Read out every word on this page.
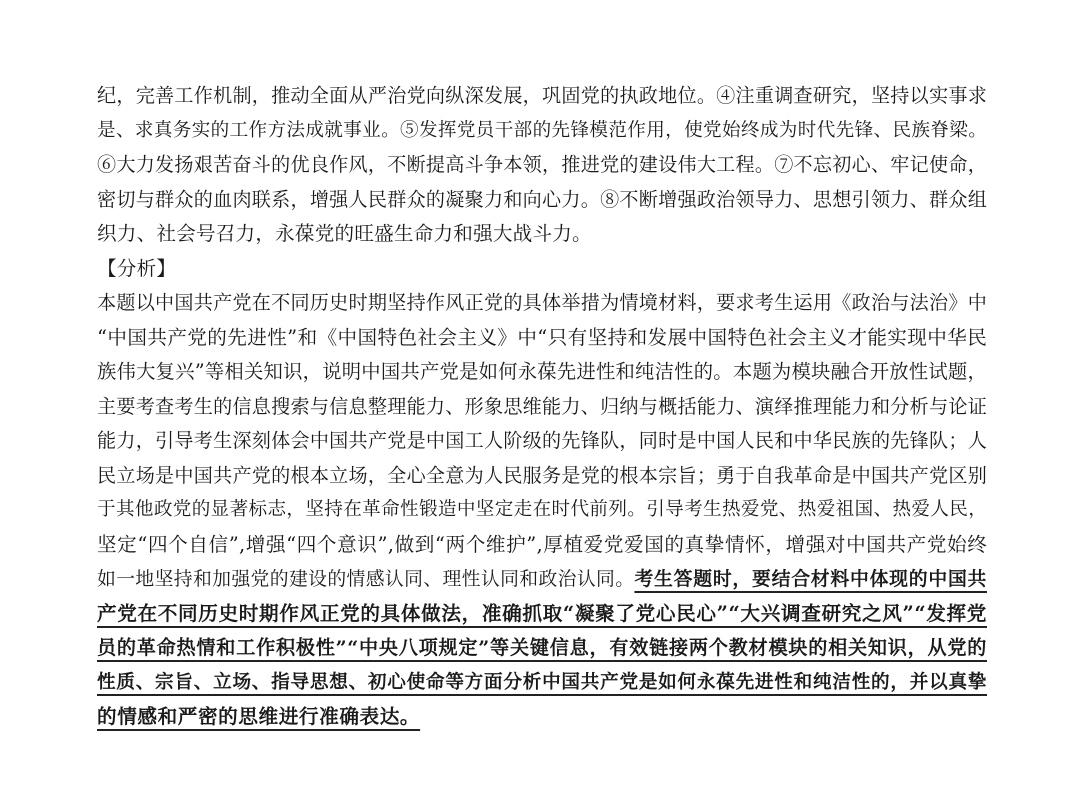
纪，完善工作机制，推动全面从严治党向纵深发展，巩固党的执政地位。④注重调查研究，坚持以实事求
是、求真务实的工作方法成就事业。⑤发挥党员干部的先锋模范作用，使党始终成为时代先锋、民族脊梁。
⑥大力发扬艰苦奋斗的优良作风，不断提高斗争本领，推进党的建设伟大工程。⑦不忘初心、牢记使命，
密切与群众的血肉联系，增强人民群众的凝聚力和向心力。⑧不断增强政治领导力、思想引领力、群众组
织力、社会号召力，永葆党的旺盛生命力和强大战斗力。
【分析】
本题以中国共产党在不同历史时期坚持作风正党的具体举措为情境材料，要求考生运用《政治与法治》中
“中国共产党的先进性”和《中国特色社会主义》中“只有坚持和发展中国特色社会主义才能实现中华民
族伟大复兴”等相关知识，说明中国共产党是如何永葆先进性和纯洁性的。本题为模块融合开放性试题，
主要考查考生的信息搜索与信息整理能力、形象思维能力、归纳与概括能力、演绎推理能力和分析与论证
能力，引导考生深刻体会中国共产党是中国工人阶级的先锋队，同时是中国人民和中华民族的先锋队；人
民立场是中国共产党的根本立场，全心全意为人民服务是党的根本宗旨；勇于自我革命是中国共产党区别
于其他政党的显著标志，坚持在革命性锻造中坚定走在时代前列。引导考生热爱党、热爱祖国、热爱人民，
坚定“四个自信”,增强“四个意识”,做到“两个维护”,厚植爱党爱国的真挚情怀，增强对中国共产党始终
如一地坚持和加强党的建设的情感认同、理性认同和政治认同。考生答题时，要结合材料中体现的中国共
产党在不同历史时期作风正党的具体做法，准确抓取“凝聚了党心民心”“大兴调查研究之风”“发挥党
员的革命热情和工作积极性”“中央八项规定”等关键信息，有效链接两个教材模块的相关知识，从党的
性质、宗旨、立场、指导思想、初心使命等方面分析中国共产党是如何永葆先进性和纯洁性的，并以真挚
的情感和严密的思维进行准确表达。
